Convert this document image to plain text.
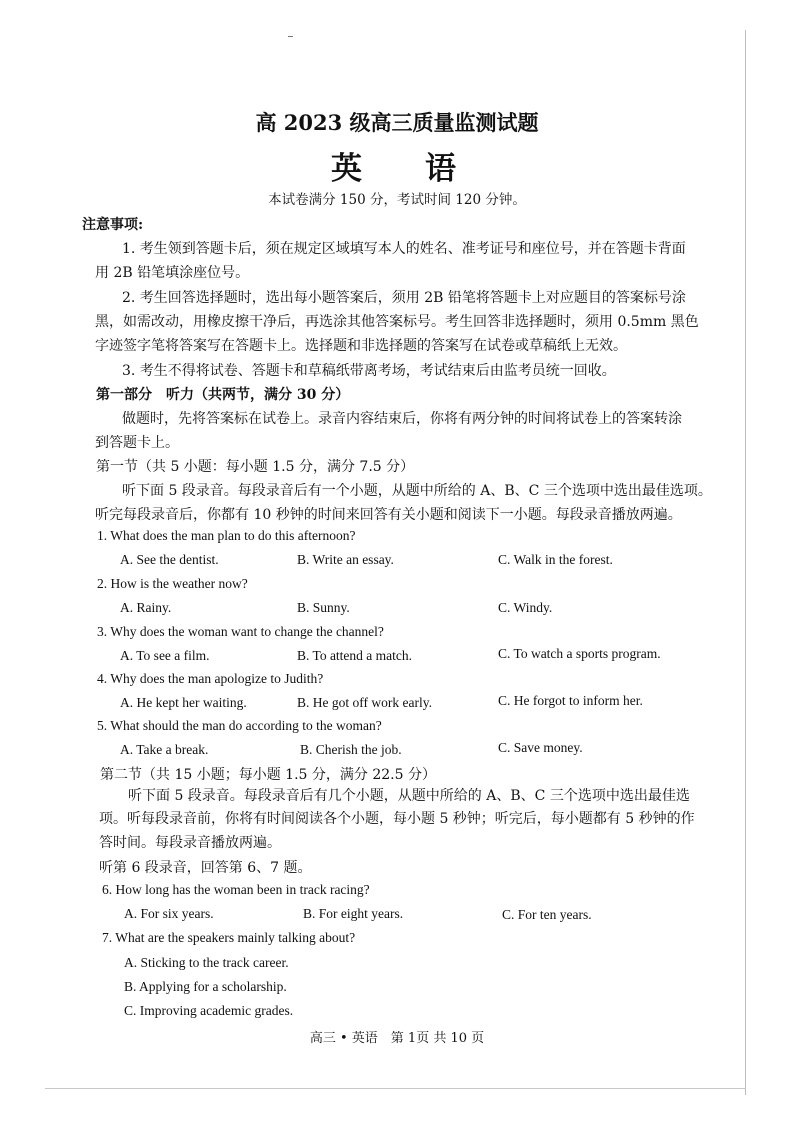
高 2023 级高三质量监测试题
英 语
本试卷满分 150 分，考试时间 120 分钟。
注意事项:
1. 考生领到答题卡后，须在规定区域填写本人的姓名、准考证号和座位号，并在答题卡背面
用 2B 铅笔填涂座位号。
2. 考生回答选择题时，选出每小题答案后，须用 2B 铅笔将答题卡上对应题目的答案标号涂
黑，如需改动，用橡皮擦干净后，再选涂其他答案标号。考生回答非选择题时，须用 0.5mm 黑色
字迹签字笔将答案写在答题卡上。选择题和非选择题的答案写在试卷或草稿纸上无效。
3. 考生不得将试卷、答题卡和草稿纸带离考场，考试结束后由监考员统一回收。
第一部分　听力（共两节，满分 30 分）
做题时，先将答案标在试卷上。录音内容结束后，你将有两分钟的时间将试卷上的答案转涂
到答题卡上。
第一节（共 5 小题：每小题 1.5 分，满分 7.5 分）
听下面 5 段录音。每段录音后有一个小题，从题中所给的 A、B、C 三个选项中选出最佳选项。
听完每段录音后，你都有 10 秒钟的时间来回答有关小题和阅读下一小题。每段录音播放两遍。
1. What does the man plan to do this afternoon?
A. See the dentist.	B. Write an essay.	C. Walk in the forest.
2. How is the weather now?
A. Rainy.	B. Sunny.	C. Windy.
3. Why does the woman want to change the channel?
A. To see a film.	B. To attend a match.	C. To watch a sports program.
4. Why does the man apologize to Judith?
A. He kept her waiting.	B. He got off work early.	C. He forgot to inform her.
5. What should the man do according to the woman?
A. Take a break.	B. Cherish the job.	C. Save money.
第二节（共 15 小题；每小题 1.5 分，满分 22.5 分）
听下面 5 段录音。每段录音后有几个小题，从题中所给的 A、B、C 三个选项中选出最佳选
项。听每段录音前，你将有时间阅读各个小题，每小题 5 秒钟；听完后，每小题都有 5 秒钟的作
答时间。每段录音播放两遍。
听第 6 段录音，回答第 6、7 题。
6. How long has the woman been in track racing?
A. For six years.	B. For eight years.	C. For ten years.
7. What are the speakers mainly talking about?
A. Sticking to the track career.
B. Applying for a scholarship.
C. Improving academic grades.
高三 • 英语　第 1页 共 10 页
